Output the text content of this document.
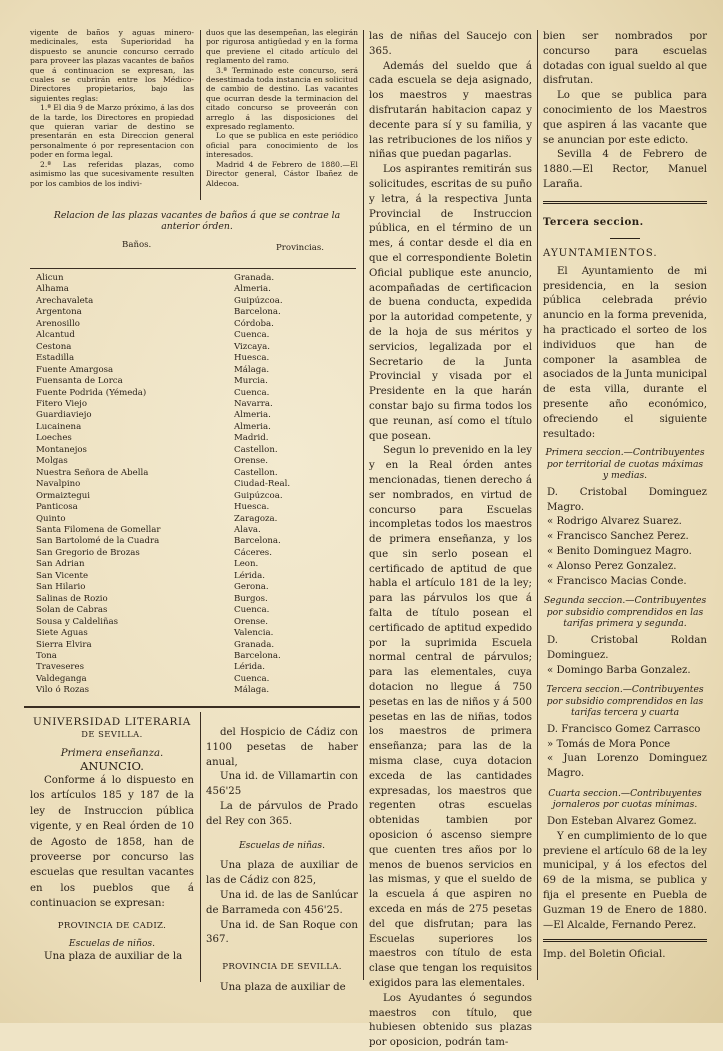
vigente de baños y aguas minero-medicinales, esta Superioridad ha dispuesto se anuncie concurso cerrado para proveer las plazas vacantes de baños que á continuacion se expresan, las cuales se cubrirán entre los Médico-Directores propietarios, bajo las siguientes reglas:

1.ª El dia 9 de Marzo próximo, á las dos de la tarde, los Directores en propiedad que quieran variar de destino se presentarán en esta Direccion general personalmente ó por representacion con poder en forma legal.

2.ª Las referidas plazas, como asimismo las que sucesivamente resulten por los cambios de los indivi-

duos que las desempeñan, las elegirán por rigurosa antigüedad y en la forma que previene el citado artículo del reglamento del ramo.

3.ª Terminado este concurso, será desestimada toda instancia en solicitud de cambio de destino. Las vacantes que ocurran desde la terminacion del citado concurso se proveerán con arreglo á las disposiciones del expresado reglamento.

Lo que se publica en este periódico oficial para conocimiento de los interesados.

Madrid 4 de Febrero de 1880.—El Director general, Cástor Ibañez de Aldecoa.

Relacion de las plazas vacantes de baños á que se contrae la anterior órden.
Baños.	Provincias.
Alicun	Granada.
Alhama	Almeria.
Arechavaleta	Guipúzcoa.
Argentona	Barcelona.
Arenosillo	Córdoba.
Alcantud	Cuenca.
Cestona	Vizcaya.
Estadilla	Huesca.
Fuente Amargosa	Málaga.
Fuensanta de Lorca	Murcia.
Fuente Podrida (Yémeda)	Cuenca.
Fitero Viejo	Navarra.
Guardiaviejo	Almeria.
Lucainena	Almeria.
Loeches	Madrid.
Montanejos	Castellon.
Molgas	Orense.
Nuestra Señora de Abella	Castellon.
Navalpino	Ciudad-Real.
Ormaiztegui	Guipúzcoa.
Panticosa	Huesca.
Quinto	Zaragoza.
Santa Filomena de Gomellar	Alava.
San Bartolomé de la Cuadra	Barcelona.
San Gregorio de Brozas	Cáceres.
San Adrian	Leon.
San Vicente	Lérida.
San Hilario	Gerona.
Salinas de Rozio	Burgos.
Solan de Cabras	Cuenca.
Sousa y Caldeliñas	Orense.
Siete Aguas	Valencia.
Sierra Elvira	Granada.
Tona	Barcelona.
Traveseres	Lérida.
Valdeganga	Cuenca.
Vilo ó Rozas	Málaga.

UNIVERSIDAD LITERARIA

DE SEVILLA.

Primera enseñanza.

ANUNCIO.

Conforme á lo dispuesto en los artículos 185 y 187 de la ley de Instruccion pública vigente, y en Real órden de 10 de Agosto de 1858, han de proveerse por concurso las escuelas que resultan vacantes en los pueblos que á continuacion se expresan:

PROVINCIA DE CADIZ.

Escuelas de niños.

Una plaza de auxiliar de la

del Hospicio de Cádiz con 1100 pesetas de haber anual,

Una id. de Villamartin con 456'25

La de párvulos de Prado del Rey con 365.

Escuelas de niñas.

Una plaza de auxiliar de las de Cádiz con 825,

Una id. de las de Sanlúcar de Barrameda con 456'25.

Una id. de San Roque con 367.

PROVINCIA DE SEVILLA.

Una plaza de auxiliar de

las de niñas del Saucejo con 365.

Además del sueldo que á cada escuela se deja asignado, los maestros y maestras disfrutarán habitacion capaz y decente para sí y su familia, y las retribuciones de los niños y niñas que puedan pagarlas.

Los aspirantes remitirán sus solicitudes, escritas de su puño y letra, á la respectiva Junta Provincial de Instruccion pública, en el término de un mes, á contar desde el dia en que el correspondiente Boletin Oficial publique este anuncio, acompañadas de certificacion de buena conducta, expedida por la autoridad competente, y de la hoja de sus méritos y servicios, legalizada por el Secretario de la Junta Provincial y visada por el Presidente en la que harán constar bajo su firma todos los que reunan, así como el título que posean.

Segun lo prevenido en la ley y en la Real órden antes mencionadas, tienen derecho á ser nombrados, en virtud de concurso para Escuelas incompletas todos los maestros de primera enseñanza, y los que sin serlo posean el certificado de aptitud de que habla el artículo 181 de la ley; para las párvulos los que á falta de título posean el certificado de aptitud expedido por la suprimida Escuela normal central de párvulos; para las elementales, cuya dotacion no llegue á 750 pesetas en las de niños y á 500 pesetas en las de niñas, todos los maestros de primera enseñanza; para las de la misma clase, cuya dotacion exceda de las cantidades expresadas, los maestros que regenten otras escuelas obtenidas tambien por oposicion ó ascenso siempre que cuenten tres años por lo menos de buenos servicios en las mismas, y que el sueldo de la escuela á que aspiren no exceda en más de 275 pesetas del que disfrutan; para las Escuelas superiores los maestros con título de esta clase que tengan los requisitos exigidos para las elementales.

Los Ayudantes ó segundos maestros con título, que hubiesen obtenido sus plazas por oposicion, podrán tam-

bien ser nombrados por concurso para escuelas dotadas con igual sueldo al que disfrutan.

Lo que se publica para conocimiento de los Maestros que aspiren á las vacante que se anuncian por este edicto.

Sevilla 4 de Febrero de 1880.—El Rector, Manuel Laraña.

Tercera seccion.

AYUNTAMIENTOS.

El Ayuntamiento de mi presidencia, en la sesion pública celebrada prévio anuncio en la forma prevenida, ha practicado el sorteo de los individuos que han de componer la asamblea de asociados de la Junta municipal de esta villa, durante el presente año económico, ofreciendo el siguiente resultado:

Primera seccion.—Contribuyentes por territorial de cuotas máximas y medias.

D. Cristobal Dominguez Magro.

« Rodrigo Alvarez Suarez.

« Francisco Sanchez Perez.

« Benito Dominguez Magro.

« Alonso Perez Gonzalez.

« Francisco Macias Conde.

Segunda seccion.—Contribuyentes por subsidio comprendidos en las tarifas primera y segunda.

D. Cristobal Roldan Dominguez.

« Domingo Barba Gonzalez.

Tercera seccion.—Contribuyentes por subsidio comprendidos en las tarifas tercera y cuarta

D. Francisco Gomez Carrasco

» Tomás de Mora Ponce

« Juan Lorenzo Dominguez Magro.

Cuarta seccion.—Contribuyentes jornaleros por cuotas mínimas.

Don Esteban Alvarez Gomez.

Y en cumplimiento de lo que previene el artículo 68 de la ley municipal, y á los efectos del 69 de la misma, se publica y fija el presente en Puebla de Guzman 19 de Enero de 1880.—El Alcalde, Fernando Perez.

Imp. del Boletin Oficial.
